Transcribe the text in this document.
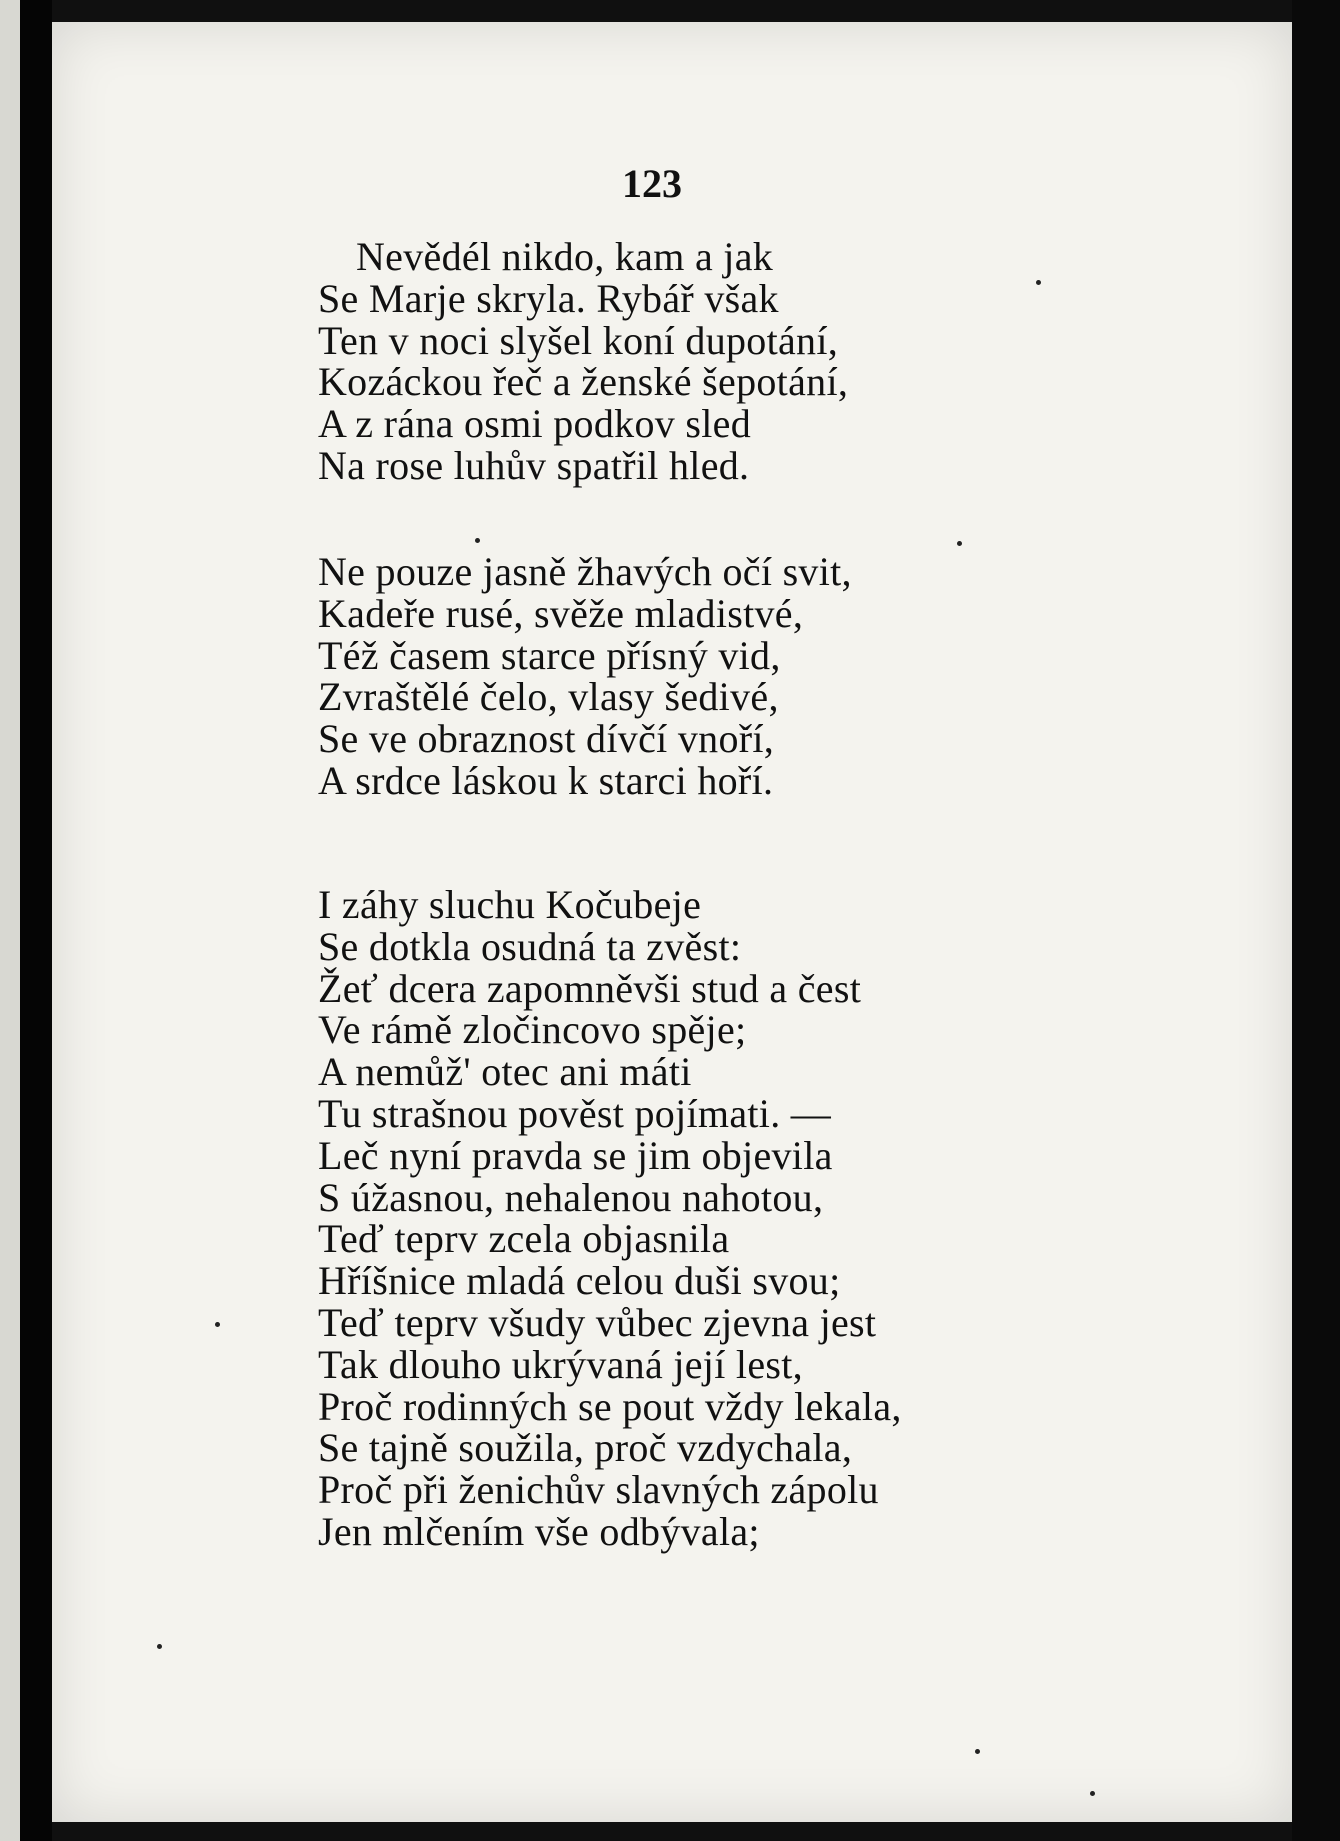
123

Nevědél nikdo, kam a jak
Se Marje skryla. Rybář však
Ten v noci slyšel koní dupotání,
Kozáckou řeč a ženské šepotání,
A z rána osmi podkov sled
Na rose luhův spatřil hled.
Ne pouze jasně žhavých očí svit,
Kadeře rusé, svěže mladistvé,
Též časem starce přísný vid,
Zvraštělé čelo, vlasy šedivé,
Se ve obraznost dívčí vnoří,
A srdce láskou k starci hoří.
I záhy sluchu Kočubeje
Se dotkla osudná ta zvěst:
Žeť dcera zapomněvši stud a čest
Ve rámě zločincovo spěje;
A nemůž' otec ani máti
Tu strašnou pověst pojímati. —
Leč nyní pravda se jim objevila
S úžasnou, nehalenou nahotou,
Teď teprv zcela objasnila
Hříšnice mladá celou duši svou;
Teď teprv všudy vůbec zjevna jest
Tak dlouho ukrývaná její lest,
Proč rodinných se pout vždy lekala,
Se tajně soužila, proč vzdychala,
Proč při ženichův slavných zápolu
Jen mlčením vše odbývala;
